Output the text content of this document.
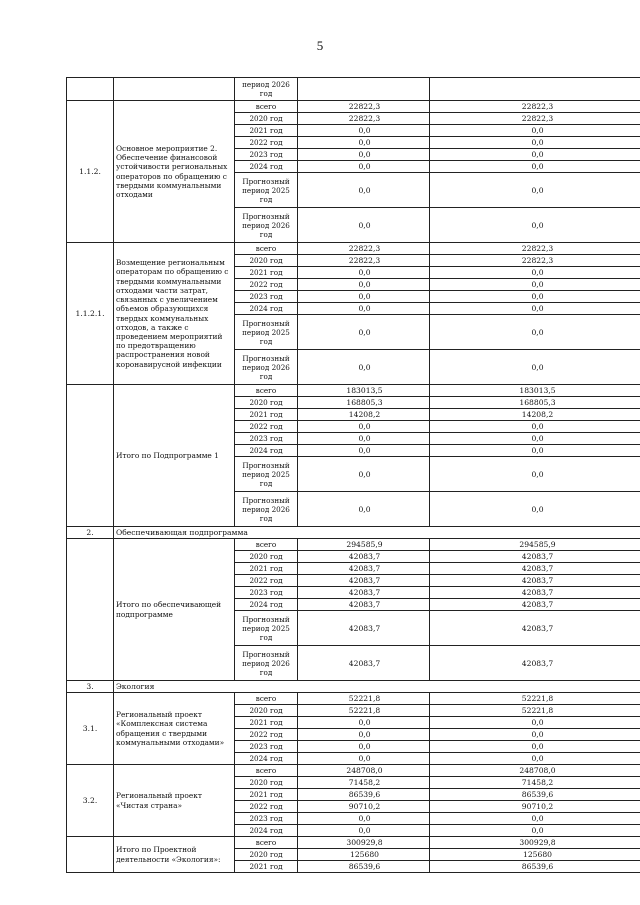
5
		период 2026 год		
1.1.2.	Основное мероприятие 2. Обеспечение финансовой устойчивости региональных операторов по обращению с твердыми коммунальными отходами	всего	22822,3	22822,3
		2020 год	22822,3	22822,3
		2021 год	0,0	0,0
		2022 год	0,0	0,0
		2023 год	0,0	0,0
		2024 год	0,0	0,0
		Прогнозный период 2025 год	0,0	0,0
		Прогнозный период 2026 год	0,0	0,0
1.1.2.1.	Возмещение региональным операторам по обращению с твердыми коммунальными отходами части затрат, связанных с увеличением объемов образующихся твердых коммунальных отходов, а также с проведением мероприятий по предотвращению распространения новой коронавирусной инфекции	всего	22822,3	22822,3
		2020 год	22822,3	22822,3
		2021 год	0,0	0,0
		2022 год	0,0	0,0
		2023 год	0,0	0,0
		2024 год	0,0	0,0
		Прогнозный период 2025 год	0,0	0,0
		Прогнозный период 2026 год	0,0	0,0
	Итого по Подпрограмме 1	всего	183013,5	183013,5
		2020 год	168805,3	168805,3
		2021 год	14208,2	14208,2
		2022 год	0,0	0,0
		2023 год	0,0	0,0
		2024 год	0,0	0,0
		Прогнозный период 2025 год	0,0	0,0
		Прогнозный период 2026 год	0,0	0,0
2.	Обеспечивающая подпрограмма			
	Итого по обеспечивающей подпрограмме	всего	294585,9	294585,9
		2020 год	42083,7	42083,7
		2021 год	42083,7	42083,7
		2022 год	42083,7	42083,7
		2023 год	42083,7	42083,7
		2024 год	42083,7	42083,7
		Прогнозный период 2025 год	42083,7	42083,7
		Прогнозный период 2026 год	42083,7	42083,7
3.	Экология			
3.1.	Региональный проект «Комплексная система обращения с твердыми коммунальными отходами»	всего	52221,8	52221,8
		2020 год	52221,8	52221,8
		2021 год	0,0	0,0
		2022 год	0,0	0,0
		2023 год	0,0	0,0
		2024 год	0,0	0,0
3.2.	Региональный проект «Чистая страна»	всего	248708,0	248708,0
		2020 год	71458,2	71458,2
		2021 год	86539,6	86539,6
		2022 год	90710,2	90710,2
		2023 год	0,0	0,0
		2024 год	0,0	0,0
	Итого по Проектной деятельности «Экология»:	всего	300929,8	300929,8
		2020 год	125680	125680
		2021 год	86539,6	86539,6
